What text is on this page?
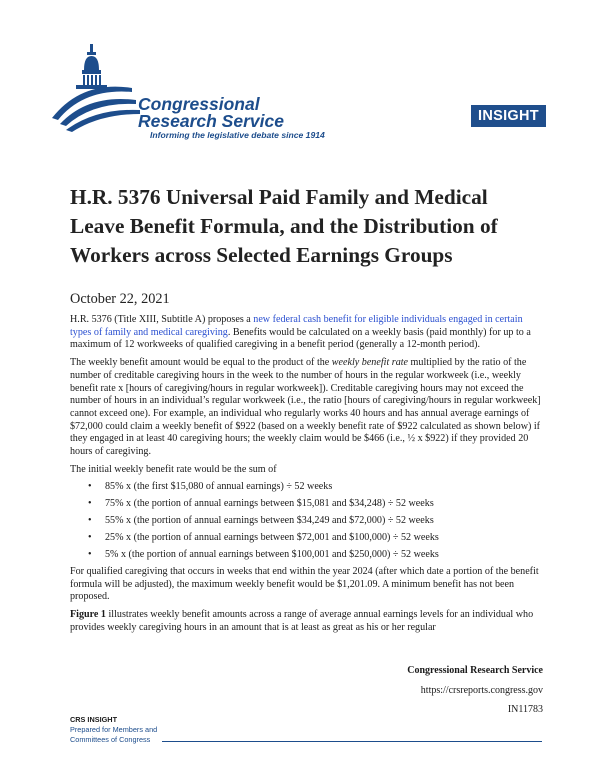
Congressional
Research Service
Informing the legislative debate since 1914
INSIGHT
H.R. 5376 Universal Paid Family and Medical Leave Benefit Formula, and the Distribution of Workers across Selected Earnings Groups
October 22, 2021

H.R. 5376 (Title XIII, Subtitle A) proposes a new federal cash benefit for eligible individuals engaged in certain types of family and medical caregiving. Benefits would be calculated on a weekly basis (paid monthly) for up to a maximum of 12 workweeks of qualified caregiving in a benefit period (generally a 12-month period).

The weekly benefit amount would be equal to the product of the weekly benefit rate multiplied by the ratio of the number of creditable caregiving hours in the week to the number of hours in the regular workweek (i.e., weekly benefit rate x [hours of caregiving/hours in regular workweek]). Creditable caregiving hours may not exceed the number of hours in an individual’s regular workweek (i.e., the ratio [hours of caregiving/hours in regular workweek] cannot exceed one). For example, an individual who regularly works 40 hours and has annual average earnings of $72,000 could claim a weekly benefit of $922 (based on a weekly benefit rate of $922 calculated as shown below) if they engaged in at least 40 caregiving hours; the weekly claim would be $466 (i.e., ½ x $922) if they provided 20 hours of caregiving.

The initial weekly benefit rate would be the sum of

• 85% x (the first $15,080 of annual earnings) ÷ 52 weeks
• 75% x (the portion of annual earnings between $15,081 and $34,248) ÷ 52 weeks
• 55% x (the portion of annual earnings between $34,249 and $72,000) ÷ 52 weeks
• 25% x (the portion of annual earnings between $72,001 and $100,000) ÷ 52 weeks
• 5% x (the portion of annual earnings between $100,001 and $250,000) ÷ 52 weeks

For qualified caregiving that occurs in weeks that end within the year 2024 (after which date a portion of the benefit formula will be adjusted), the maximum weekly benefit would be $1,201.09. A minimum benefit has not been proposed.

Figure 1 illustrates weekly benefit amounts across a range of average annual earnings levels for an individual who provides weekly caregiving hours in an amount that is at least as great as his or her regular

Congressional Research Service
https://crsreports.congress.gov
IN11783
CRS INSIGHT
Prepared for Members and
Committees of Congress
